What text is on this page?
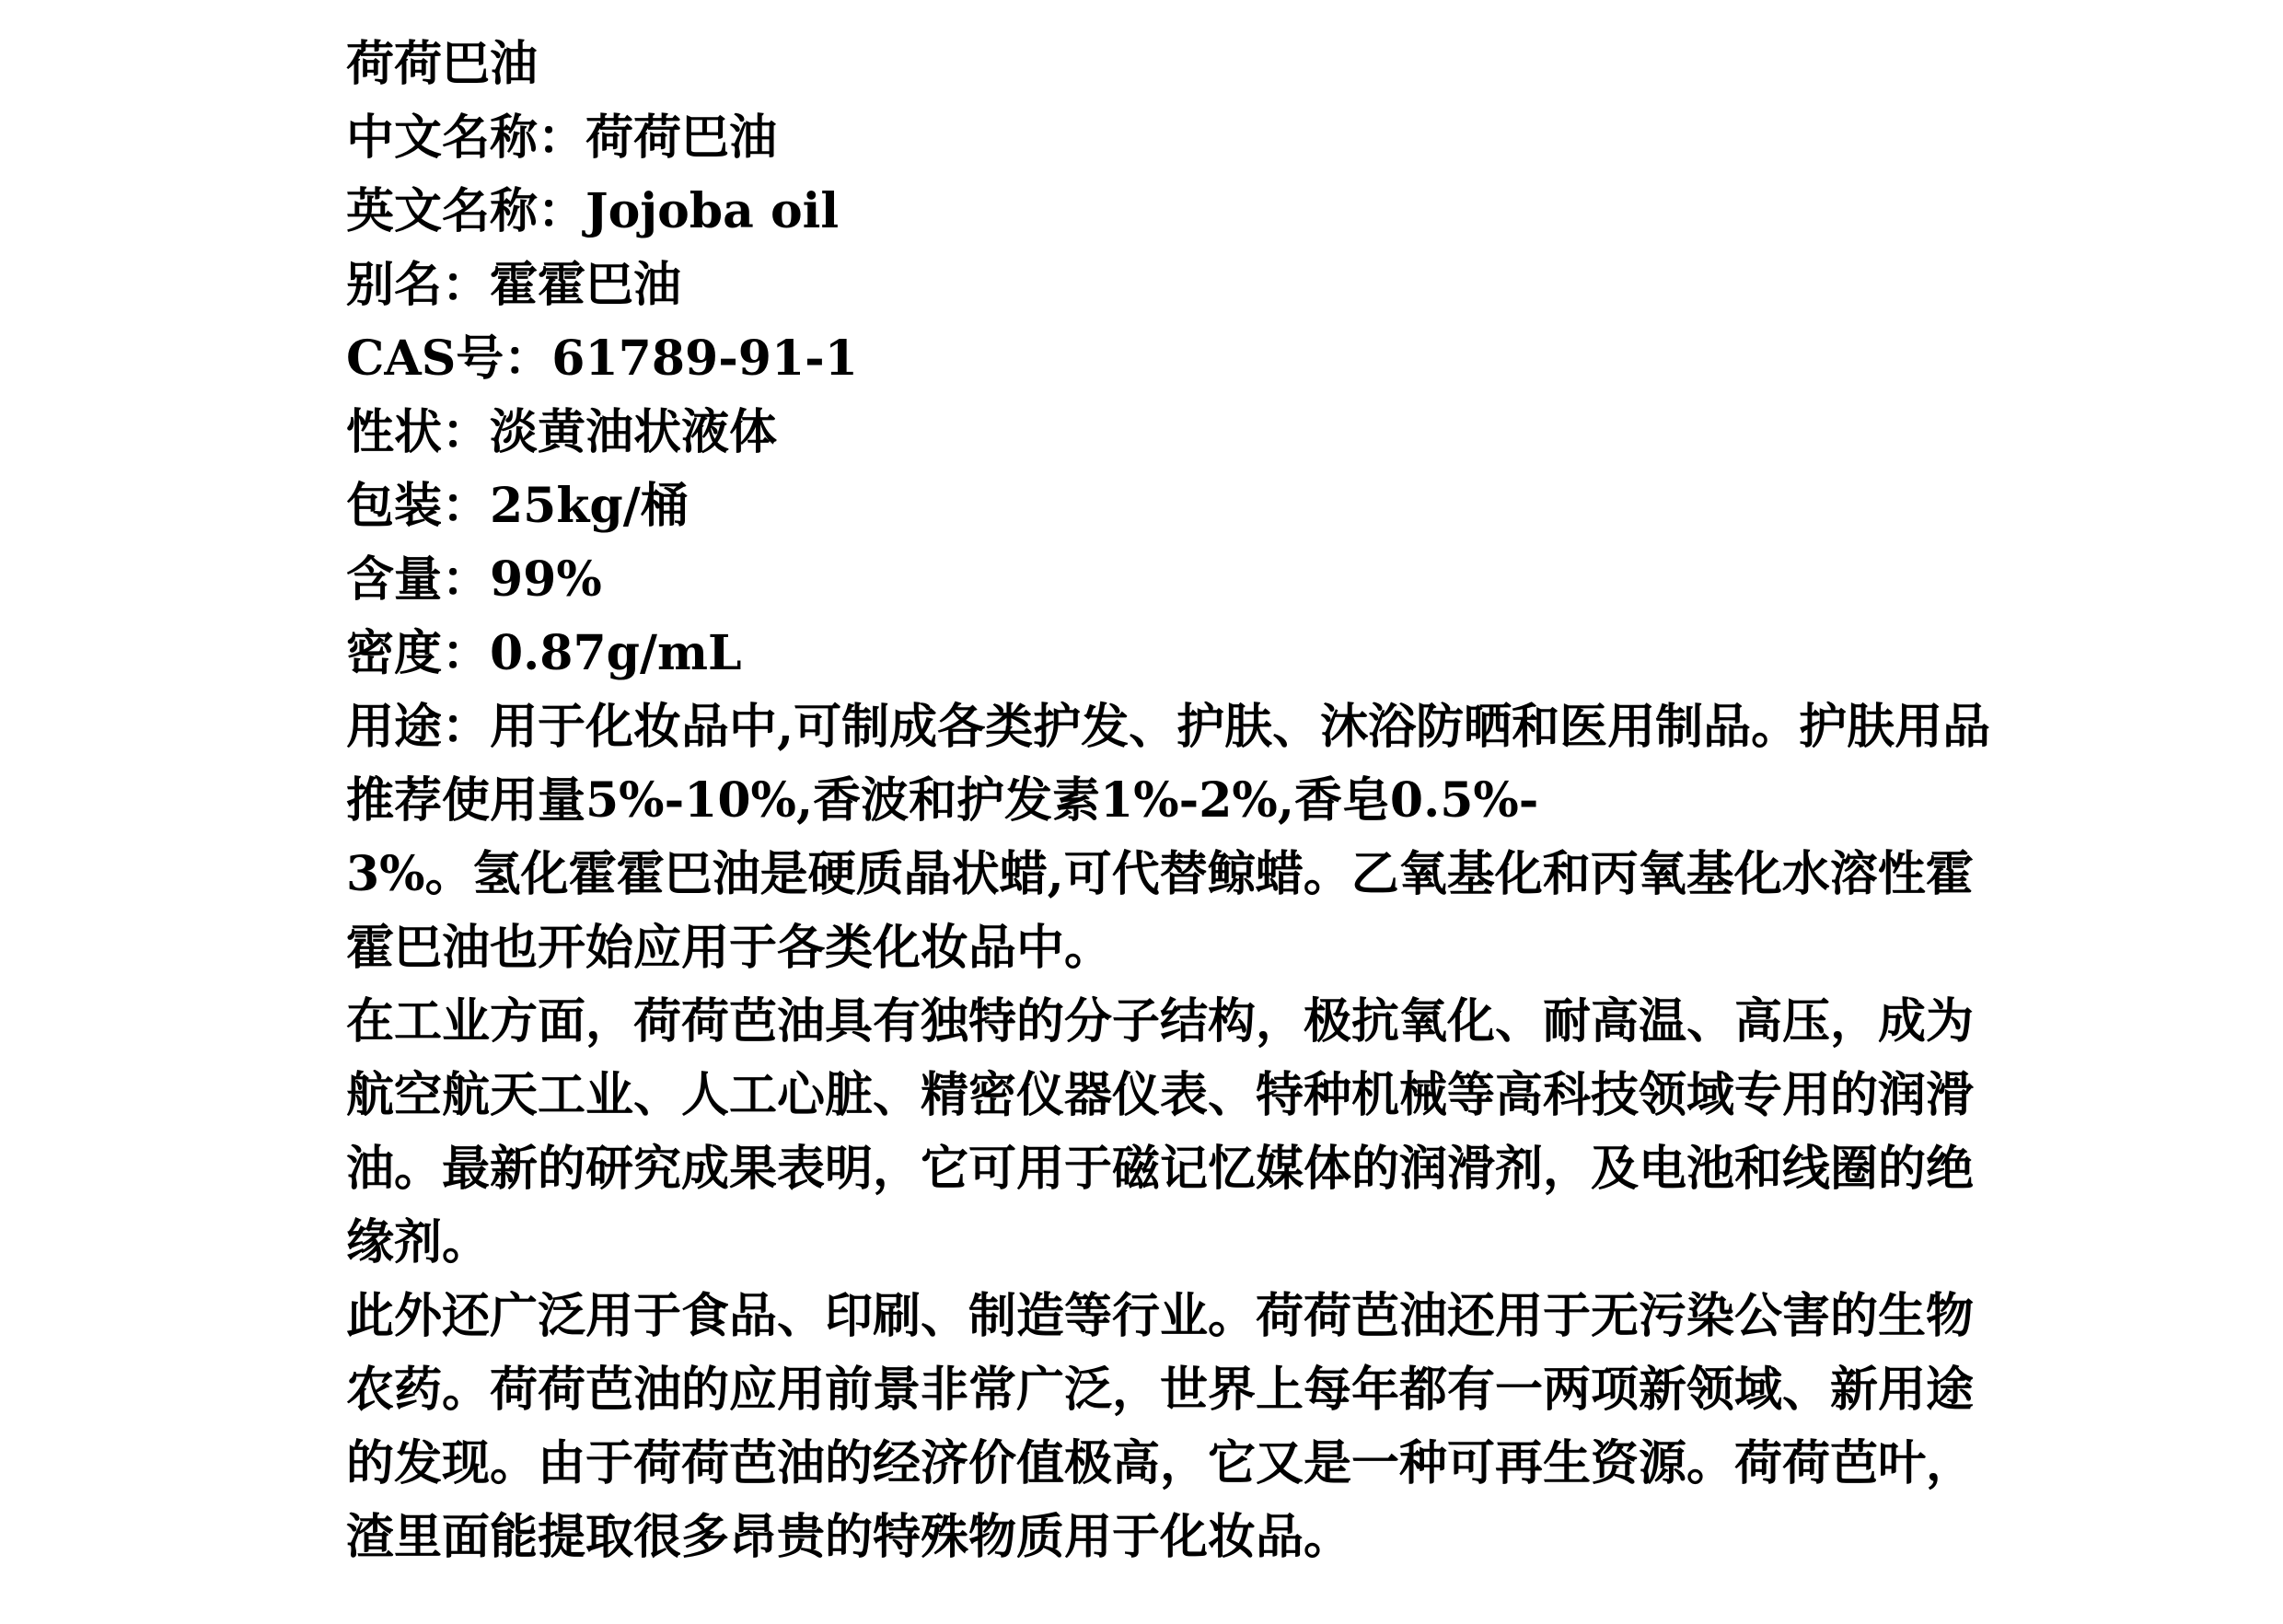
荷荷巴油
中文名称：荷荷巴油
英文名称：Jojoba oil
别名：霍霍巴油
CAS号：61789-91-1
性状：淡黄油状液体
包装：25kg/桶
含量：99%
密度：0.87g/mL
用途：用于化妆品中,可制成各类护发、护肤、沐浴防晒和医用制品。护肤用品
推荐使用量5%-10%,香波和护发素1%-2%,香皂0.5%-
3%。氢化霍霍巴油是硬质晶状蜡,可代替鲸蜡。乙氧基化和丙氧基化水溶性霍
霍巴油也开始应用于各类化妆品中。
在工业方面，荷荷芭油具有独特的分子结构，极抗氧化、耐高温、高压，成为
航空航天工业、人工心脏、精密仪器仪表、特种机械等高科技领域专用的润滑
油。最新的研究成果表明，它可用于磁记忆媒体的润滑剂，及电池和线圈的绝
缘剂。
此外还广泛用于食品、印刷、制造等行业。荷荷芭油还用于无污染公害的生物
农药。荷荷芭油的应用前景非常广泛，世界上每年都有一两项新领域、新用途
的发现。由于荷荷芭油的经济价值极高，它又是一种可再生资源。荷荷芭叶，
渣里面能提取很多昂贵的特殊物质用于化妆品。
